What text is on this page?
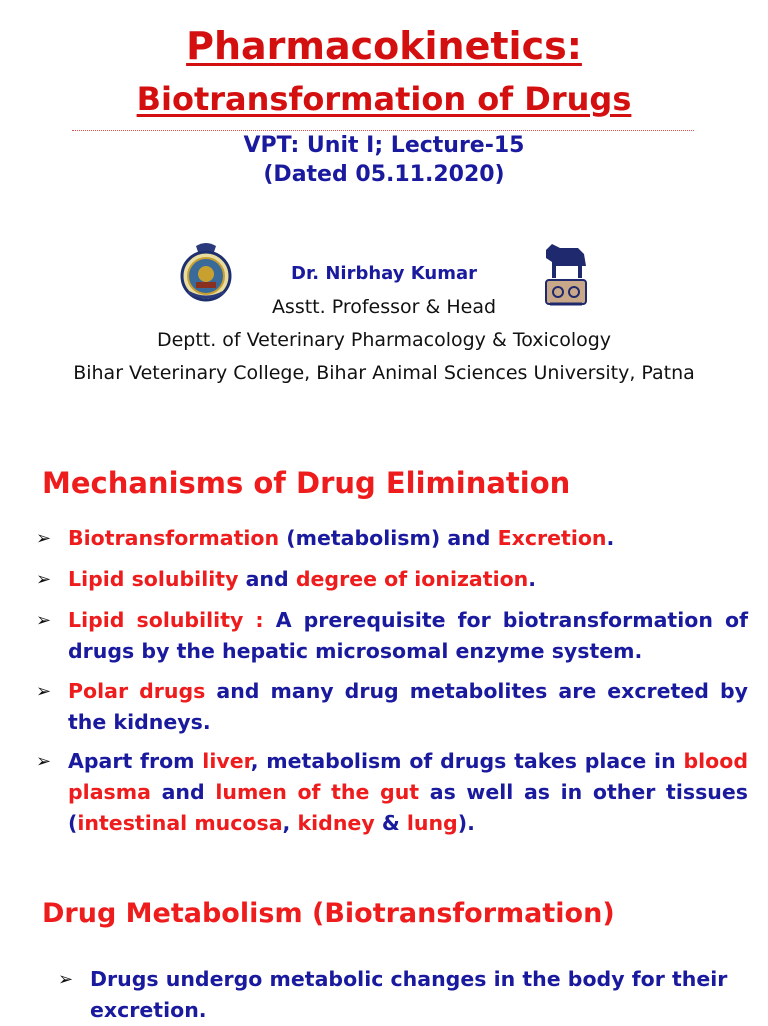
Pharmacokinetics:
Biotransformation of Drugs

VPT: Unit I; Lecture-15

(Dated 05.11.2020)

Dr. Nirbhay Kumar

Asstt. Professor & Head

Deptt. of Veterinary Pharmacology & Toxicology

Bihar Veterinary College, Bihar Animal Sciences University, Patna

Mechanisms of Drug Elimination
➢ Biotransformation (metabolism) and Excretion.
➢ Lipid solubility and degree of ionization.
➢ Lipid solubility : A prerequisite for biotransformation of drugs by the hepatic microsomal enzyme system.
➢ Polar drugs and many drug metabolites are excreted by the kidneys.
➢ Apart from liver, metabolism of drugs takes place in blood plasma and lumen of the gut as well as in other tissues (intestinal mucosa, kidney & lung).
Drug Metabolism (Biotransformation)
➢ Drugs undergo metabolic changes in the body for their excretion.
